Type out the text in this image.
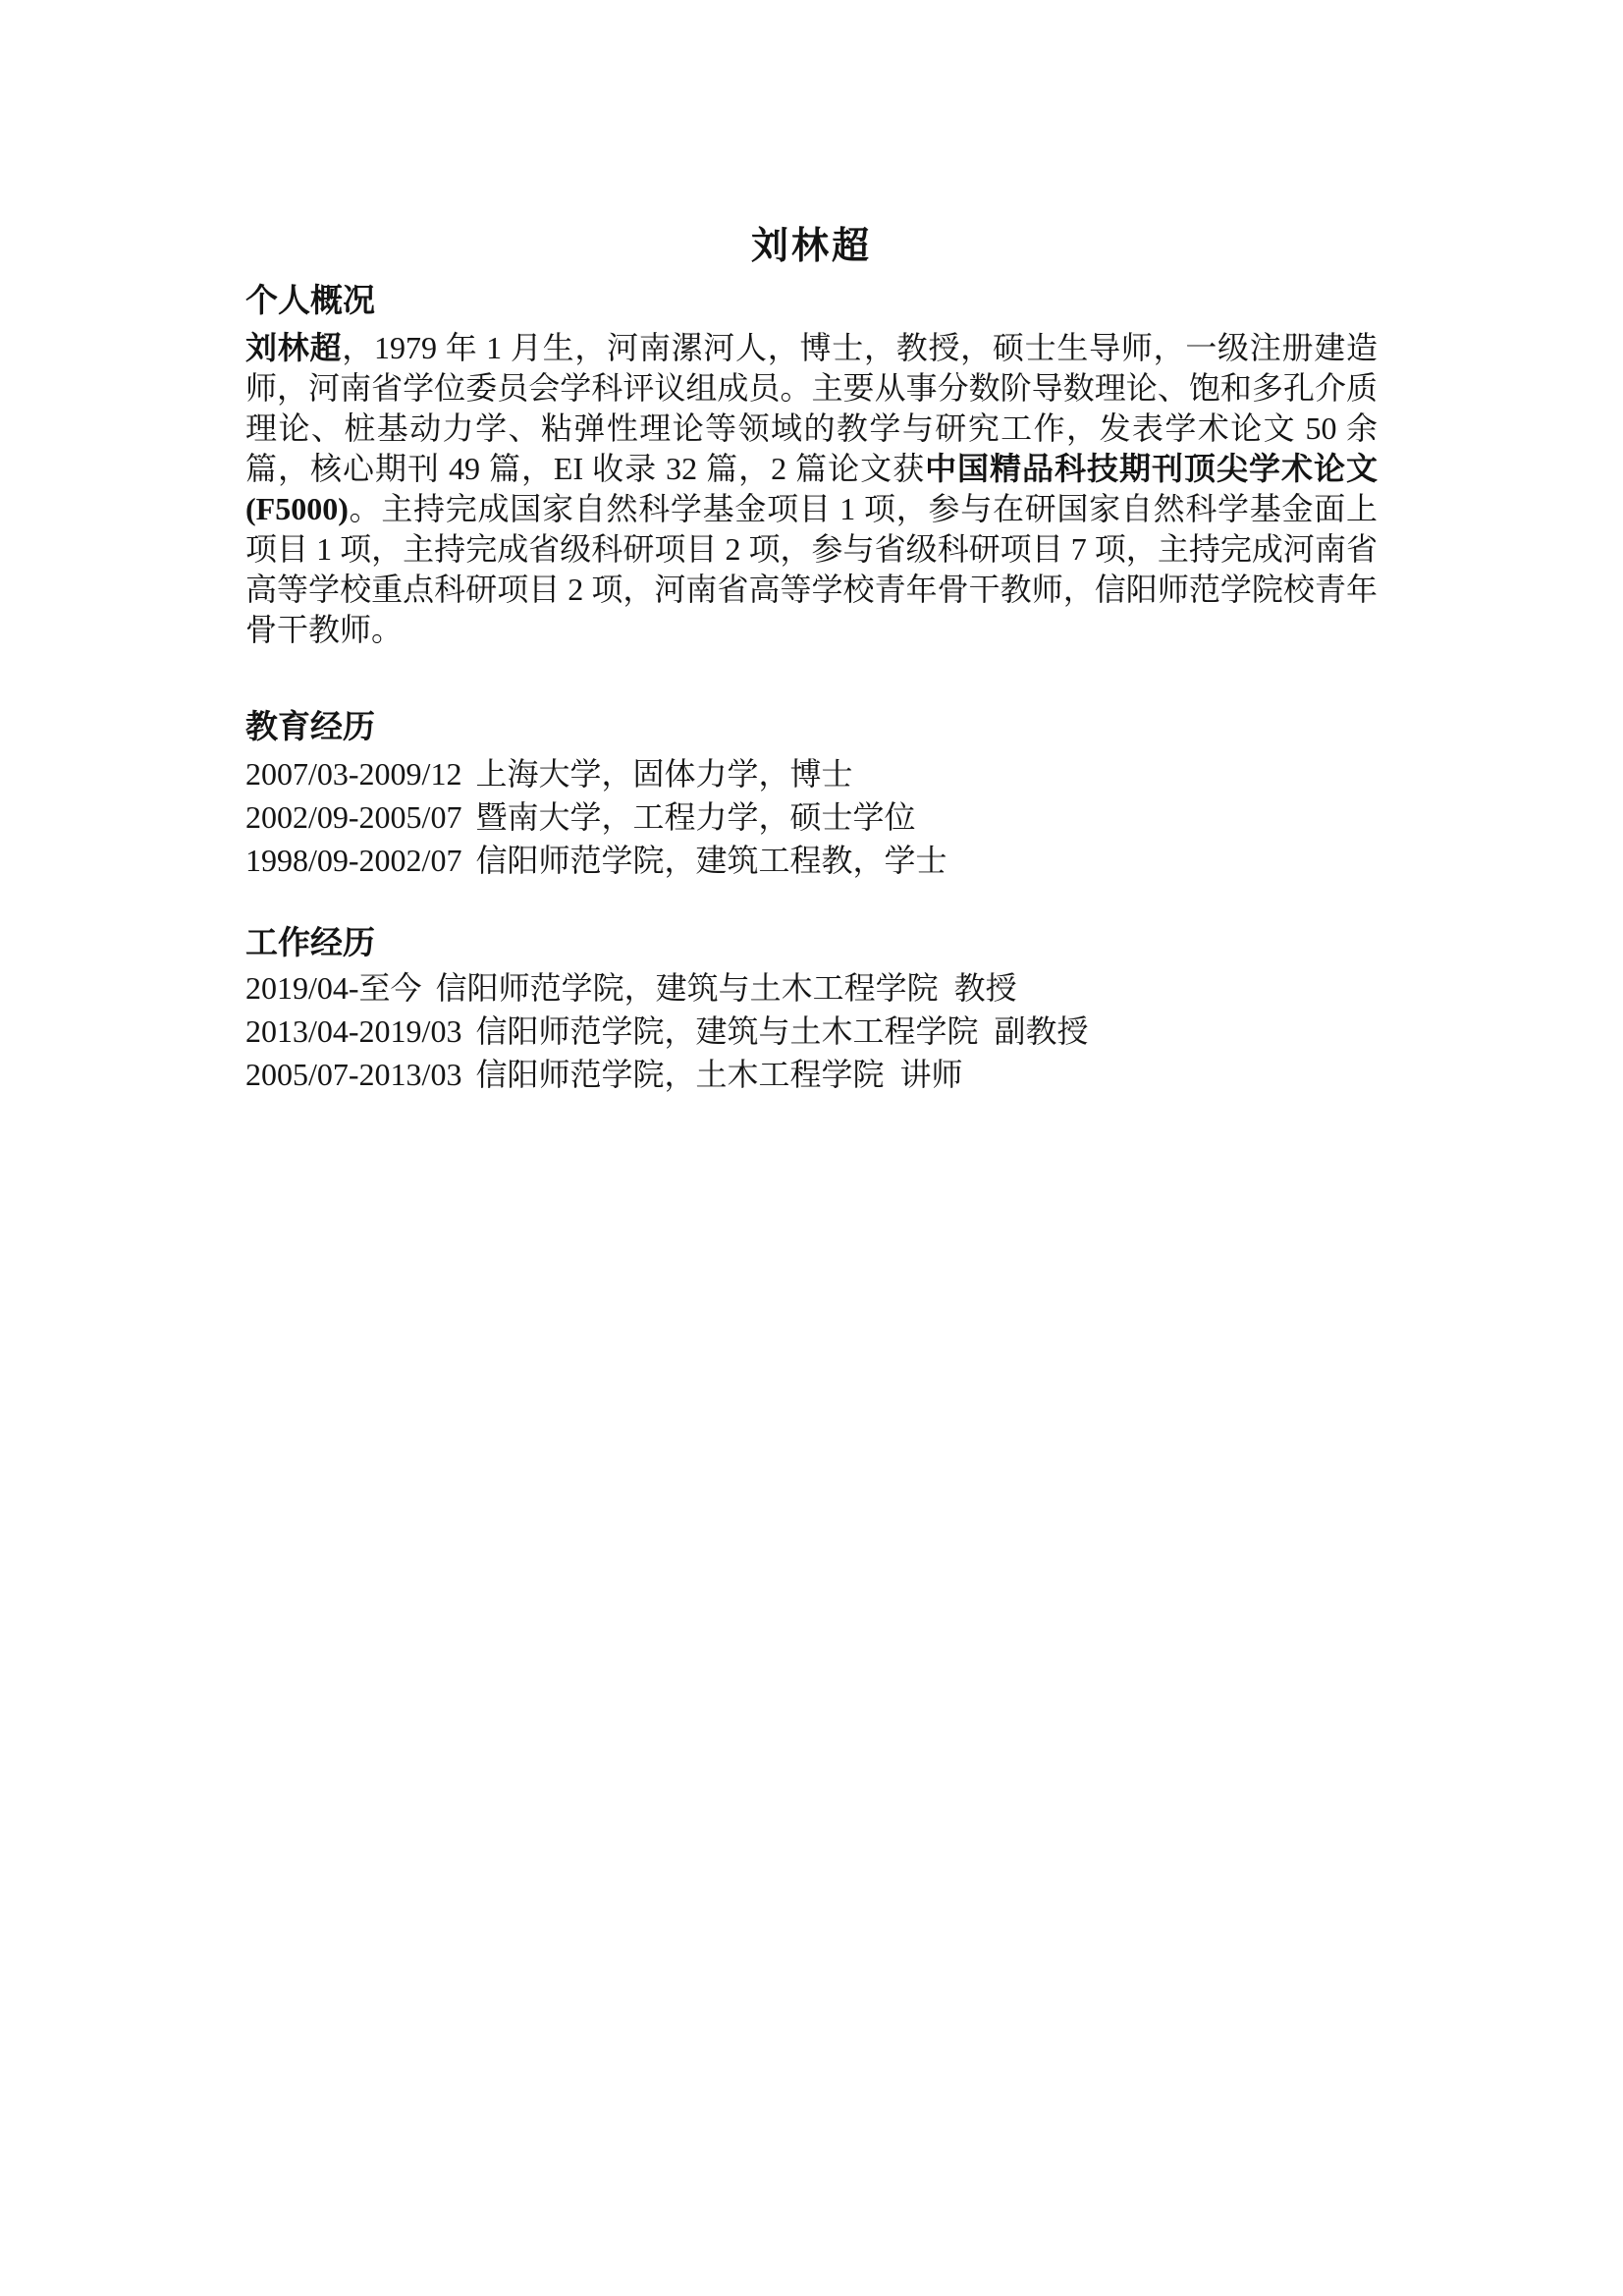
刘林超
个人概况
刘林超，1979 年 1 月生，河南漯河人，博士，教授，硕士生导师，一级注册建造师，河南省学位委员会学科评议组成员。主要从事分数阶导数理论、饱和多孔介质理论、桩基动力学、粘弹性理论等领域的教学与研究工作，发表学术论文 50 余篇，核心期刊 49 篇，EI 收录 32 篇，2 篇论文获中国精品科技期刊顶尖学术论文(F5000)。主持完成国家自然科学基金项目 1 项，参与在研国家自然科学基金面上项目 1 项，主持完成省级科研项目 2 项，参与省级科研项目 7 项，主持完成河南省高等学校重点科研项目 2 项，河南省高等学校青年骨干教师，信阳师范学院校青年骨干教师。
教育经历
2007/03-2009/12 上海大学，固体力学，博士
2002/09-2005/07 暨南大学，工程力学，硕士学位
1998/09-2002/07 信阳师范学院，建筑工程教，学士
工作经历
2019/04-至今 信阳师范学院，建筑与土木工程学院  教授
2013/04-2019/03 信阳师范学院，建筑与土木工程学院  副教授
2005/07-2013/03 信阳师范学院，土木工程学院  讲师
